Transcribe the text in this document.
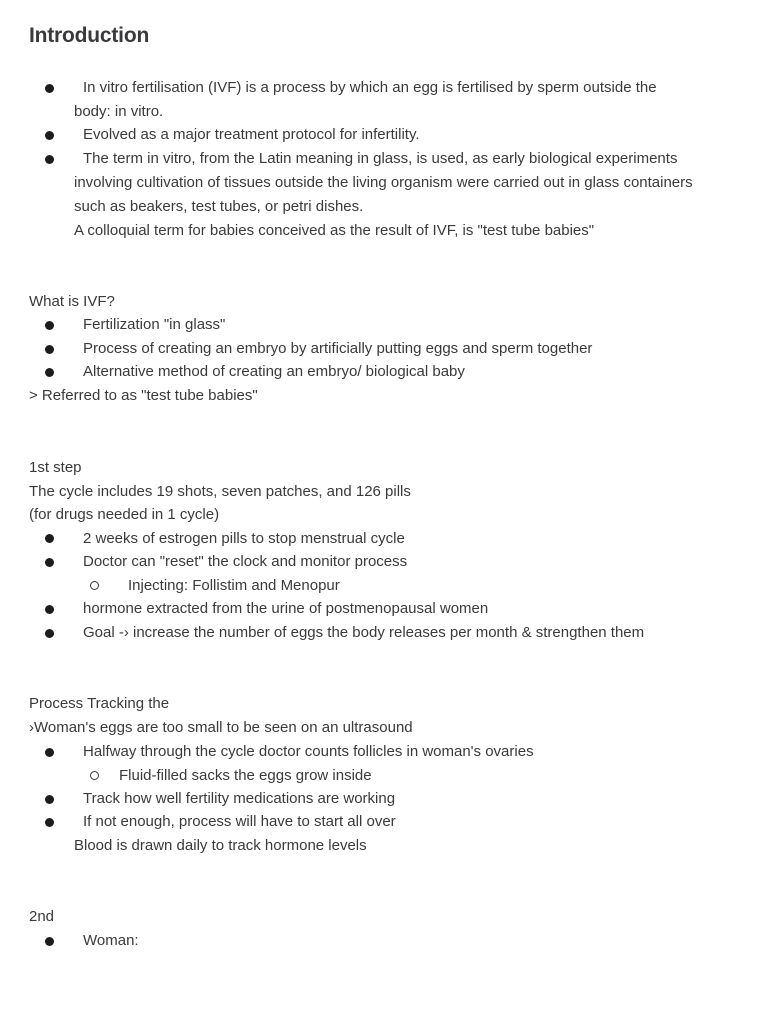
Introduction
In vitro fertilisation (IVF) is a process by which an egg is fertilised by sperm outside the
body: in vitro.
Evolved as a major treatment protocol for infertility.
The term in vitro, from the Latin meaning in glass, is used, as early biological experiments
involving cultivation of tissues outside the living organism were carried out in glass containers
such as beakers, test tubes, or petri dishes.
A colloquial term for babies conceived as the result of IVF, is "test tube babies"
What is IVF?
Fertilization "in glass"
Process of creating an embryo by artificially putting eggs and sperm together
Alternative method of creating an embryo/ biological baby
> Referred to as "test tube babies"
1st step
The cycle includes 19 shots, seven patches, and 126 pills
(for drugs needed in 1 cycle)
2 weeks of estrogen pills to stop menstrual cycle
Doctor can "reset" the clock and monitor process
Injecting: Follistim and Menopur
hormone extracted from the urine of postmenopausal women
Goal -› increase the number of eggs the body releases per month & strengthen them
Process Tracking the
›Woman's eggs are too small to be seen on an ultrasound
Halfway through the cycle doctor counts follicles in woman's ovaries
Fluid-filled sacks the eggs grow inside
Track how well fertility medications are working
If not enough, process will have to start all over
Blood is drawn daily to track hormone levels
2nd
Woman:
